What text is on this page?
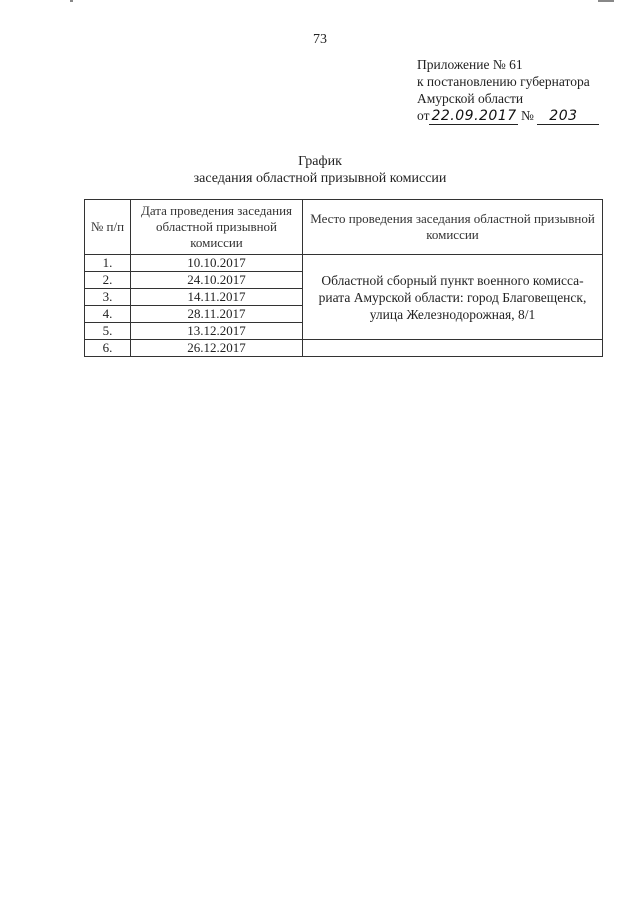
73
Приложение № 61
к постановлению губернатора
Амурской области
от 22.09.2017 № 203
График
заседания областной призывной комиссии
№ п/п	Дата проведения заседания областной призывной комиссии	Место проведения заседания областной призывной комиссии
1.	10.10.2017	Областной сборный пункт военного комисса-риата Амурской области: город Благовещенск, улица Железнодорожная, 8/1
2.	24.10.2017	
3.	14.11.2017	
4.	28.11.2017	
5.	13.12.2017	
6.	26.12.2017	
